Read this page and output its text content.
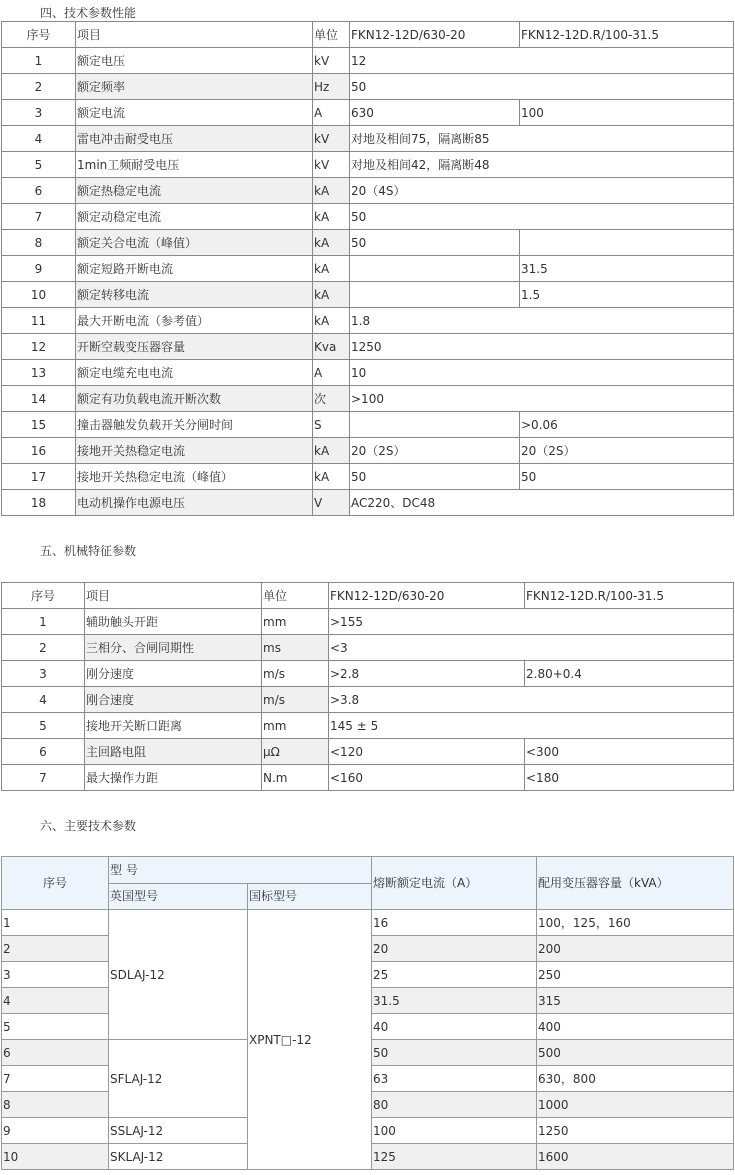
四、技术参数性能
序号	项目	单位	FKN12-12D/630-20	FKN12-12D.R/100-31.5
1	额定电压	kV	12	
2	额定频率	Hz	50	
3	额定电流	A	630	100
4	雷电冲击耐受电压	kV	对地及相间75，隔离断85	
5	1min工频耐受电压	kV	对地及相间42，隔离断48	
6	额定热稳定电流	kA	20（4S）	
7	额定动稳定电流	kA	50	
8	额定关合电流（峰值）	kA	50	
9	额定短路开断电流	kA		31.5
10	额定转移电流	kA		1.5
11	最大开断电流（参考值）	kA	1.8	
12	开断空载变压器容量	Kva	1250	
13	额定电缆充电电流	A	10	
14	额定有功负载电流开断次数	次	>100	
15	撞击器触发负载开关分闸时间	S		>0.06
16	接地开关热稳定电流	kA	20（2S）	20（2S）
17	接地开关热稳定电流（峰值）	kA	50	50
18	电动机操作电源电压	V	AC220、DC48	
五、机械特征参数
序号	项目	单位	FKN12-12D/630-20	FKN12-12D.R/100-31.5
1	辅助触头开距	mm	>155	
2	三相分、合闸同期性	ms	<3	
3	刚分速度	m/s	>2.8	2.80+0.4
4	刚合速度	m/s	>3.8	
5	接地开关断口距离	mm	145 ± 5	
6	主回路电阻	μΩ	<120	<300
7	最大操作力距	N.m	<160	<180
六、主要技术参数
序号	型 号		熔断额定电流（A）	配用变压器容量（kVA）
	英国型号	国标型号		
1	SDLAJ-12	XPNT□-12	16	100，125，160
2			20	200
3			25	250
4			31.5	315
5			40	400
6	SFLAJ-12		50	500
7			63	630，800
8			80	1000
9	SSLAJ-12		100	1250
10	SKLAJ-12		125	1600
